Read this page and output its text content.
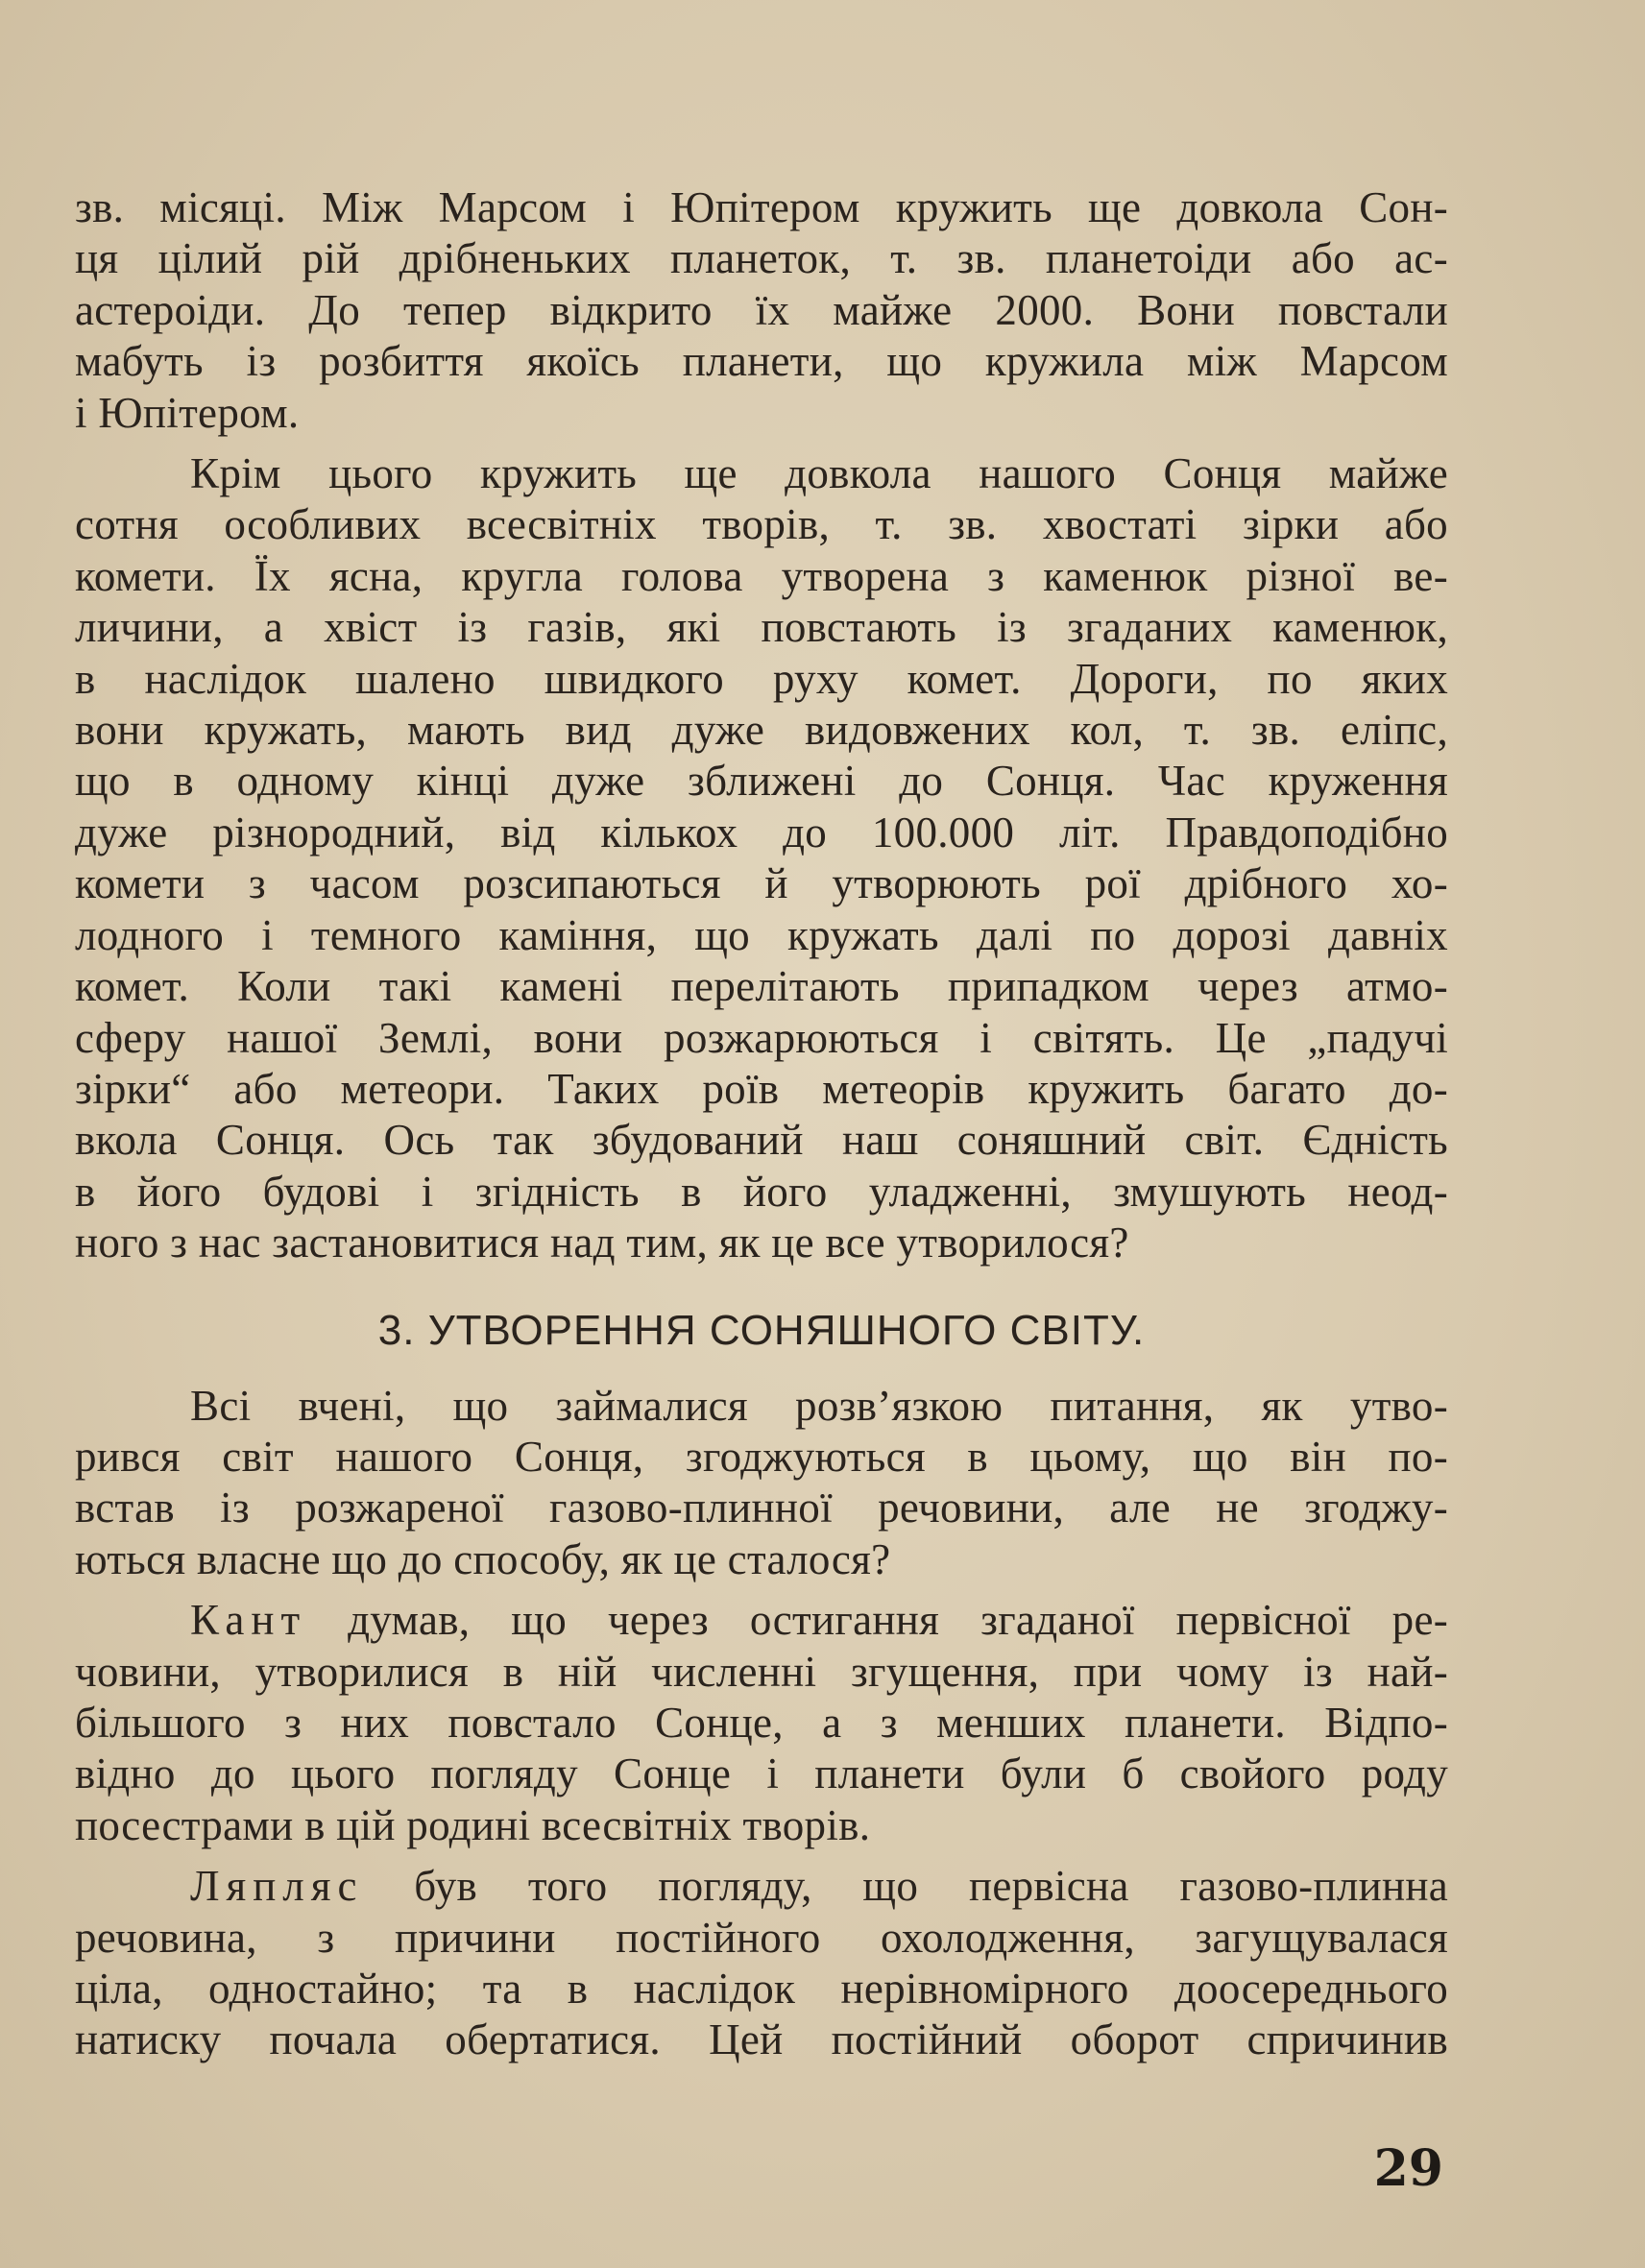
зв. місяці. Між Марсом і Юпітером кружить ще довкола Сон-
ця цілий рій дрібненьких планеток, т. зв. планетоіди або ас-
астероіди. До тепер відкрито їх майже 2000. Вони повстали
мабуть із розбиття якоїсь планети, що кружила між Марсом
і Юпітером.
Крім цього кружить ще довкола нашого Сонця майже
сотня особливих всесвітніх творів, т. зв. хвостаті зірки або
комети. Їх ясна, кругла голова утворена з каменюк різної ве-
личини, а хвіст із газів, які повстають із згаданих каменюк,
в наслідок шалено швидкого руху комет. Дороги, по яких
вони кружать, мають вид дуже видовжених кол, т. зв. еліпс,
що в одному кінці дуже зближені до Сонця. Час круження
дуже різнородний, від кількох до 100.000 літ. Правдоподібно
комети з часом розсипаються й утворюють рої дрібного хо-
лодного і темного каміння, що кружать далі по дорозі давніх
комет. Коли такі камені перелітають припадком через атмо-
сферу нашої Землі, вони розжарюються і світять. Це „падучі
зірки“ або метеори. Таких роїв метеорів кружить багато до-
вкола Сонця. Ось так збудований наш соняшний світ. Єдність
в його будові і згідність в його уладженні, змушують неод-
ного з нас застановитися над тим, як це все утворилося?
3. УТВОРЕННЯ СОНЯШНОГО СВІТУ.
Всі вчені, що займалися розв’язкою питання, як утво-
рився світ нашого Сонця, згоджуються в цьому, що він по-
встав із розжареної газово-плинної речовини, але не згоджу-
ються власне що до способу, як це сталося?
Кант думав, що через остигання згаданої первісної ре-
човини, утворилися в ній численні згущення, при чому із най-
більшого з них повстало Сонце, а з менших планети. Відпо-
відно до цього погляду Сонце і планети були б свойого роду
посестрами в цій родині всесвітніх творів.
Ляпляс був того погляду, що первісна газово-плинна
речовина, з причини постійного охолодження, загущувалася
ціла, одностайно; та в наслідок нерівномірного доосереднього
натиску почала обертатися. Цей постійний оборот спричинив
29
